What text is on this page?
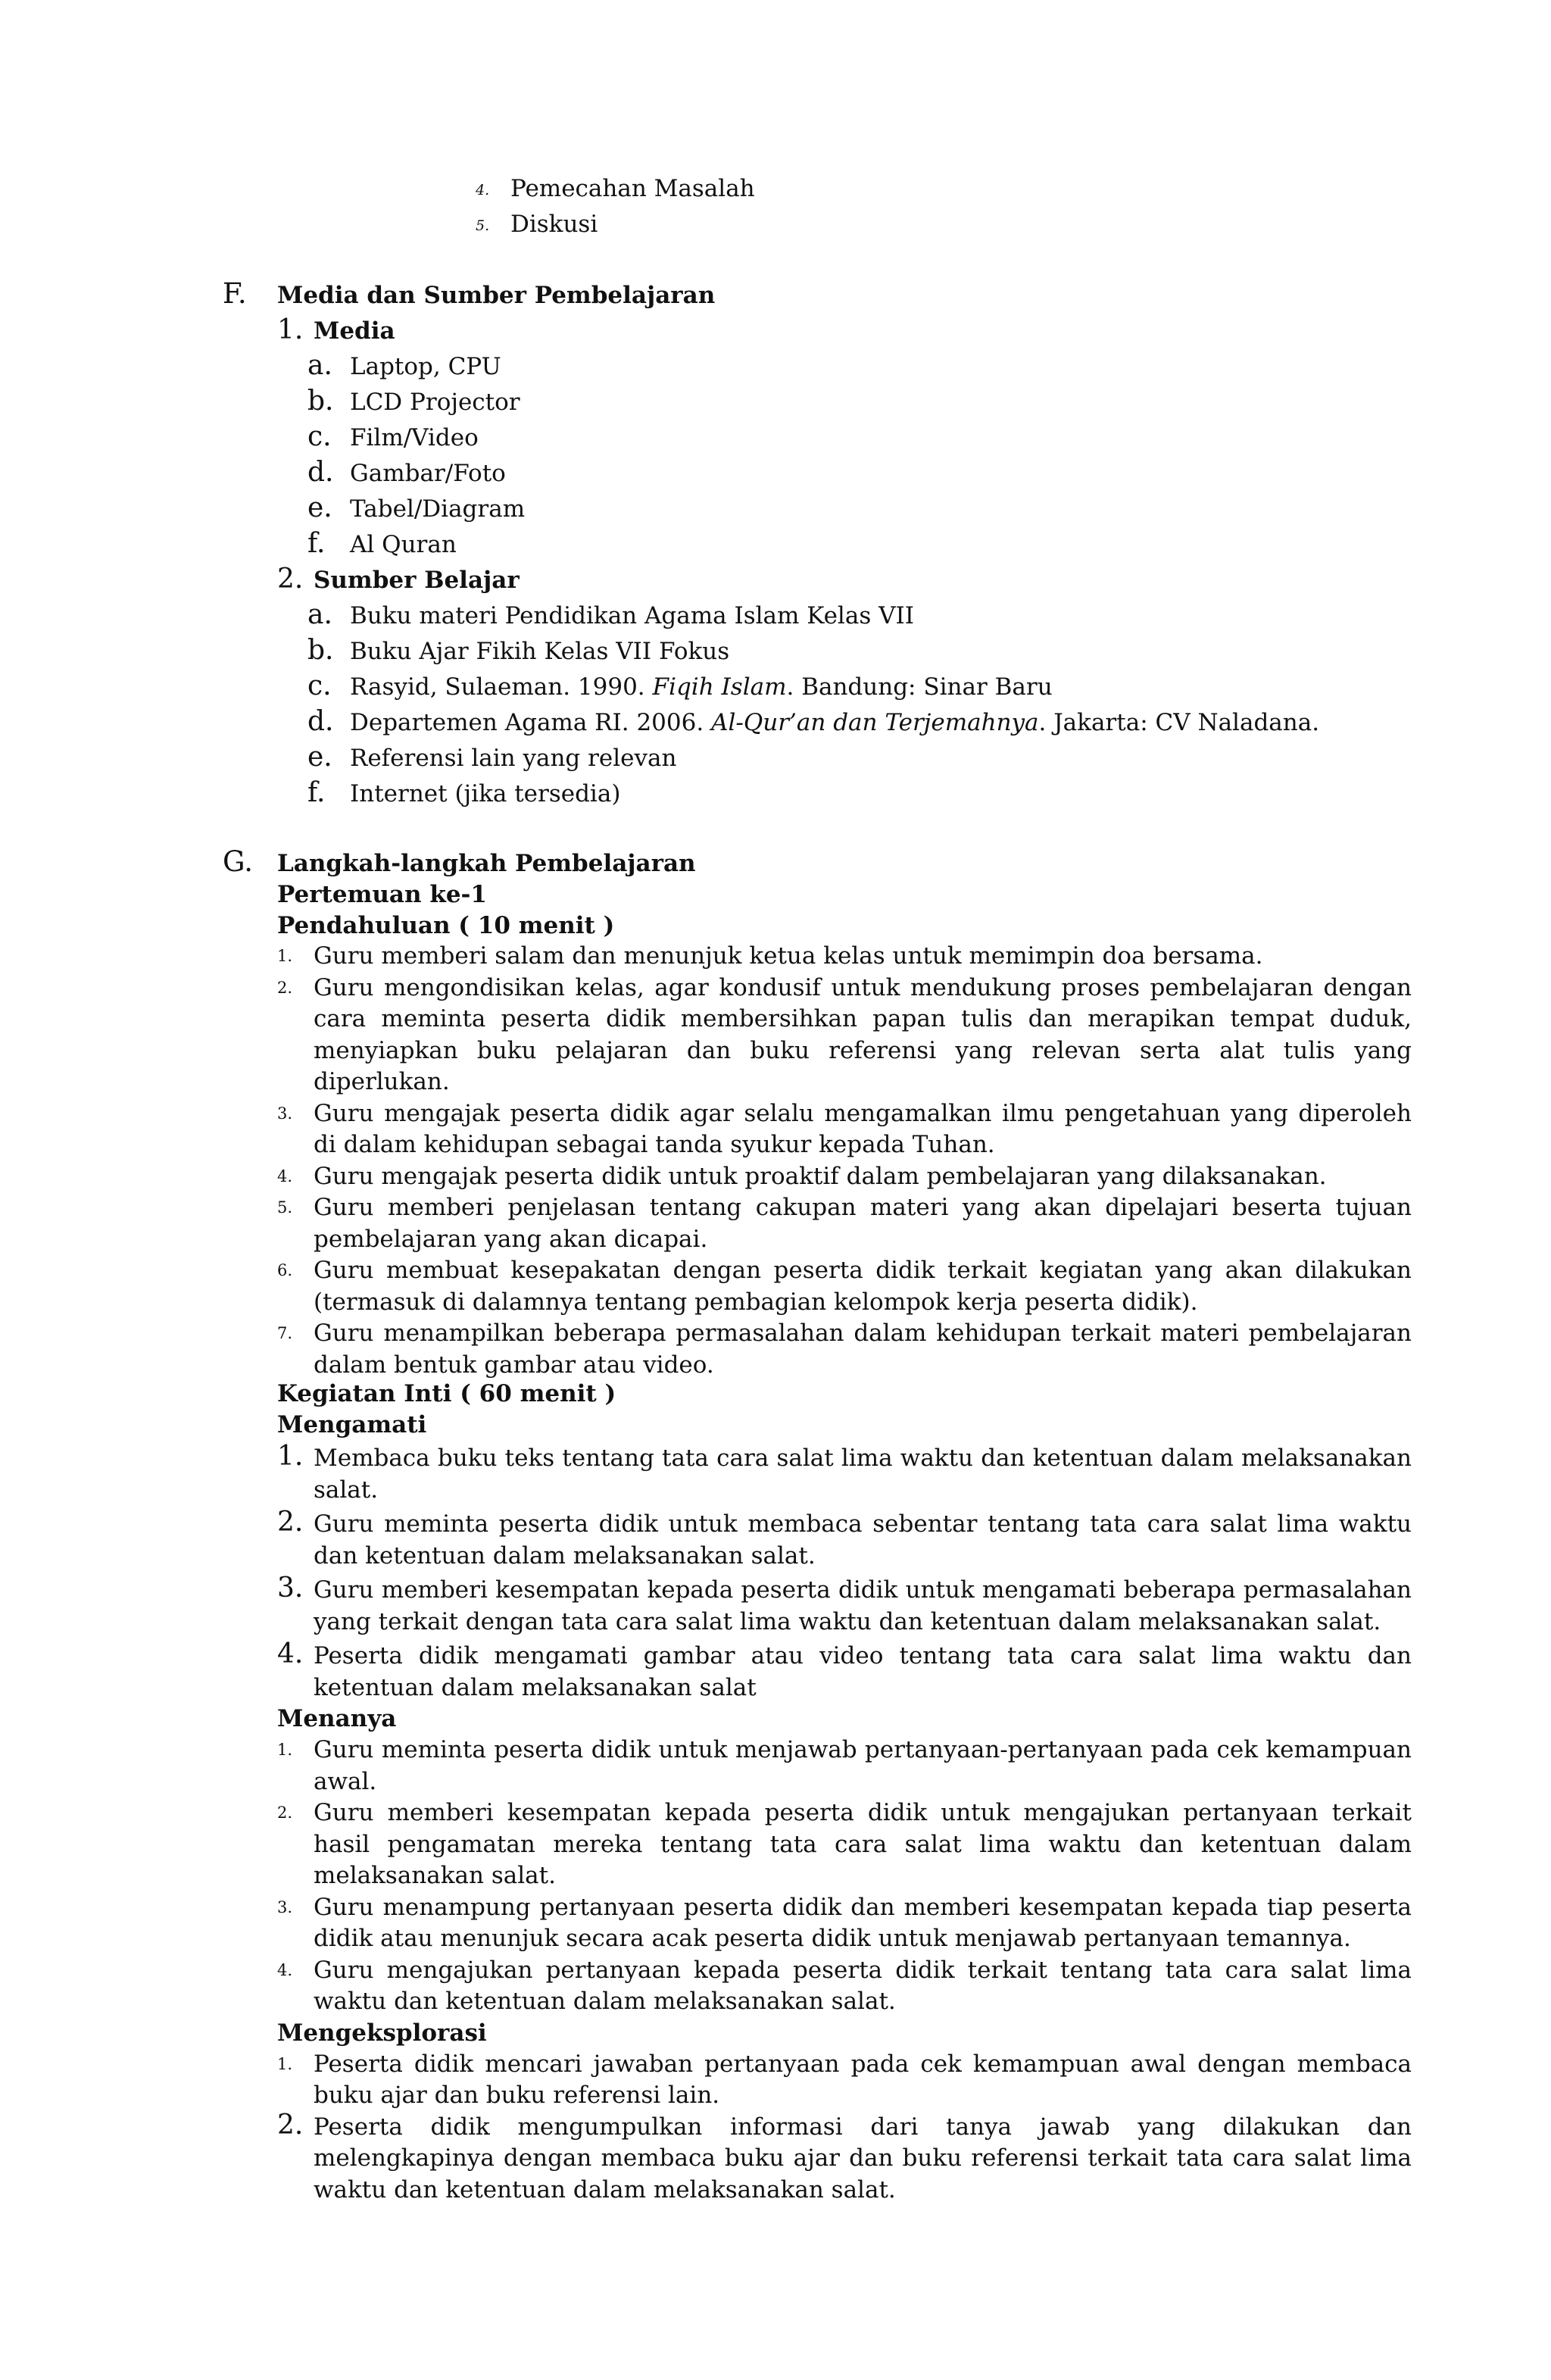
4. Pemecahan Masalah
5. Diskusi
F. Media dan Sumber Pembelajaran
1. Media
a. Laptop, CPU
b. LCD Projector
c. Film/Video
d. Gambar/Foto
e. Tabel/Diagram
f. Al Quran
2. Sumber Belajar
a. Buku materi Pendidikan Agama Islam Kelas VII
b. Buku Ajar Fikih Kelas VII Fokus
c. Rasyid, Sulaeman. 1990. Fiqih Islam. Bandung: Sinar Baru
d. Departemen Agama RI. 2006. Al-Qur’an dan Terjemahnya. Jakarta: CV Naladana.
e. Referensi lain yang relevan
f. Internet (jika tersedia)
G. Langkah-langkah Pembelajaran
Pertemuan ke-1
Pendahuluan ( 10 menit )
1. Guru memberi salam dan menunjuk ketua kelas untuk memimpin doa bersama.
2. Guru mengondisikan kelas, agar kondusif untuk mendukung proses pembelajaran dengan cara meminta peserta didik membersihkan papan tulis dan merapikan tempat duduk, menyiapkan buku pelajaran dan buku referensi yang relevan serta alat tulis yang diperlukan.
3. Guru mengajak peserta didik agar selalu mengamalkan ilmu pengetahuan yang diperoleh di dalam kehidupan sebagai tanda syukur kepada Tuhan.
4. Guru mengajak peserta didik untuk proaktif dalam pembelajaran yang dilaksanakan.
5. Guru memberi penjelasan tentang cakupan materi yang akan dipelajari beserta tujuan pembelajaran yang akan dicapai.
6. Guru membuat kesepakatan dengan peserta didik terkait kegiatan yang akan dilakukan (termasuk di dalamnya tentang pembagian kelompok kerja peserta didik).
7. Guru menampilkan beberapa permasalahan dalam kehidupan terkait materi pembelajaran dalam bentuk gambar atau video.
Kegiatan Inti ( 60 menit )
Mengamati
1. Membaca buku teks tentang tata cara salat lima waktu dan ketentuan dalam melaksanakan salat.
2. Guru meminta peserta didik untuk membaca sebentar tentang tata cara salat lima waktu dan ketentuan dalam melaksanakan salat.
3. Guru memberi kesempatan kepada peserta didik untuk mengamati beberapa permasalahan yang terkait dengan tata cara salat lima waktu dan ketentuan dalam melaksanakan salat.
4. Peserta didik mengamati gambar atau video tentang tata cara salat lima waktu dan ketentuan dalam melaksanakan salat
Menanya
1. Guru meminta peserta didik untuk menjawab pertanyaan-pertanyaan pada cek kemampuan awal.
2. Guru memberi kesempatan kepada peserta didik untuk mengajukan pertanyaan terkait hasil pengamatan mereka tentang tata cara salat lima waktu dan ketentuan dalam melaksanakan salat.
3. Guru menampung pertanyaan peserta didik dan memberi kesempatan kepada tiap peserta didik atau menunjuk secara acak peserta didik untuk menjawab pertanyaan temannya.
4. Guru mengajukan pertanyaan kepada peserta didik terkait tentang tata cara salat lima waktu dan ketentuan dalam melaksanakan salat.
Mengeksplorasi
1. Peserta didik mencari jawaban pertanyaan pada cek kemampuan awal dengan membaca buku ajar dan buku referensi lain.
2. Peserta didik mengumpulkan informasi dari tanya jawab yang dilakukan dan melengkapinya dengan membaca buku ajar dan buku referensi terkait tata cara salat lima waktu dan ketentuan dalam melaksanakan salat.
